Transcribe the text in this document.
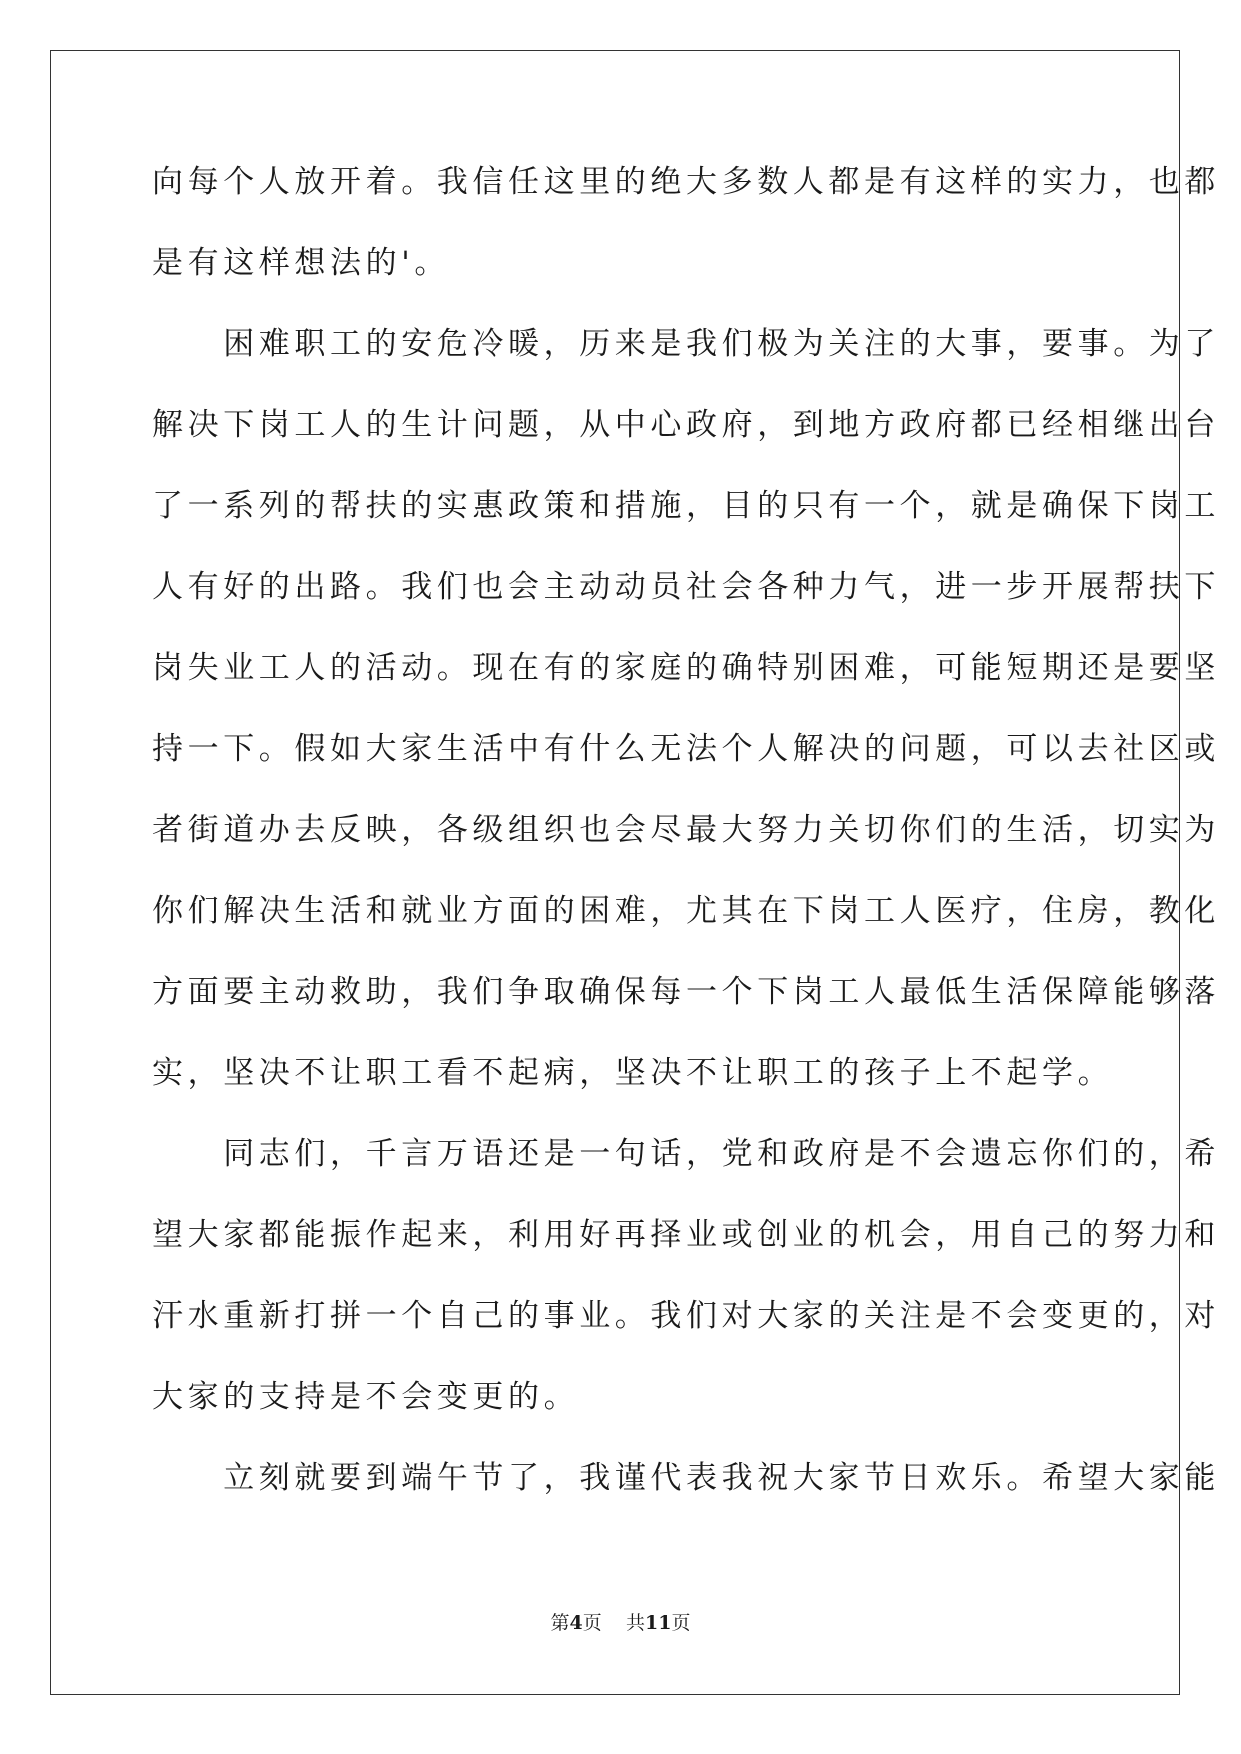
向每个人放开着。我信任这里的绝大多数人都是有这样的实力，也都
是有这样想法的'。
　　困难职工的安危冷暖，历来是我们极为关注的大事，要事。为了
解决下岗工人的生计问题，从中心政府，到地方政府都已经相继出台
了一系列的帮扶的实惠政策和措施，目的只有一个，就是确保下岗工
人有好的出路。我们也会主动动员社会各种力气，进一步开展帮扶下
岗失业工人的活动。现在有的家庭的确特别困难，可能短期还是要坚
持一下。假如大家生活中有什么无法个人解决的问题，可以去社区或
者街道办去反映，各级组织也会尽最大努力关切你们的生活，切实为
你们解决生活和就业方面的困难，尤其在下岗工人医疗，住房，教化
方面要主动救助，我们争取确保每一个下岗工人最低生活保障能够落
实，坚决不让职工看不起病，坚决不让职工的孩子上不起学。
　　同志们，千言万语还是一句话，党和政府是不会遗忘你们的，希
望大家都能振作起来，利用好再择业或创业的机会，用自己的努力和
汗水重新打拼一个自己的事业。我们对大家的关注是不会变更的，对
大家的支持是不会变更的。
　　立刻就要到端午节了，我谨代表我祝大家节日欢乐。希望大家能
第4页 共11页
